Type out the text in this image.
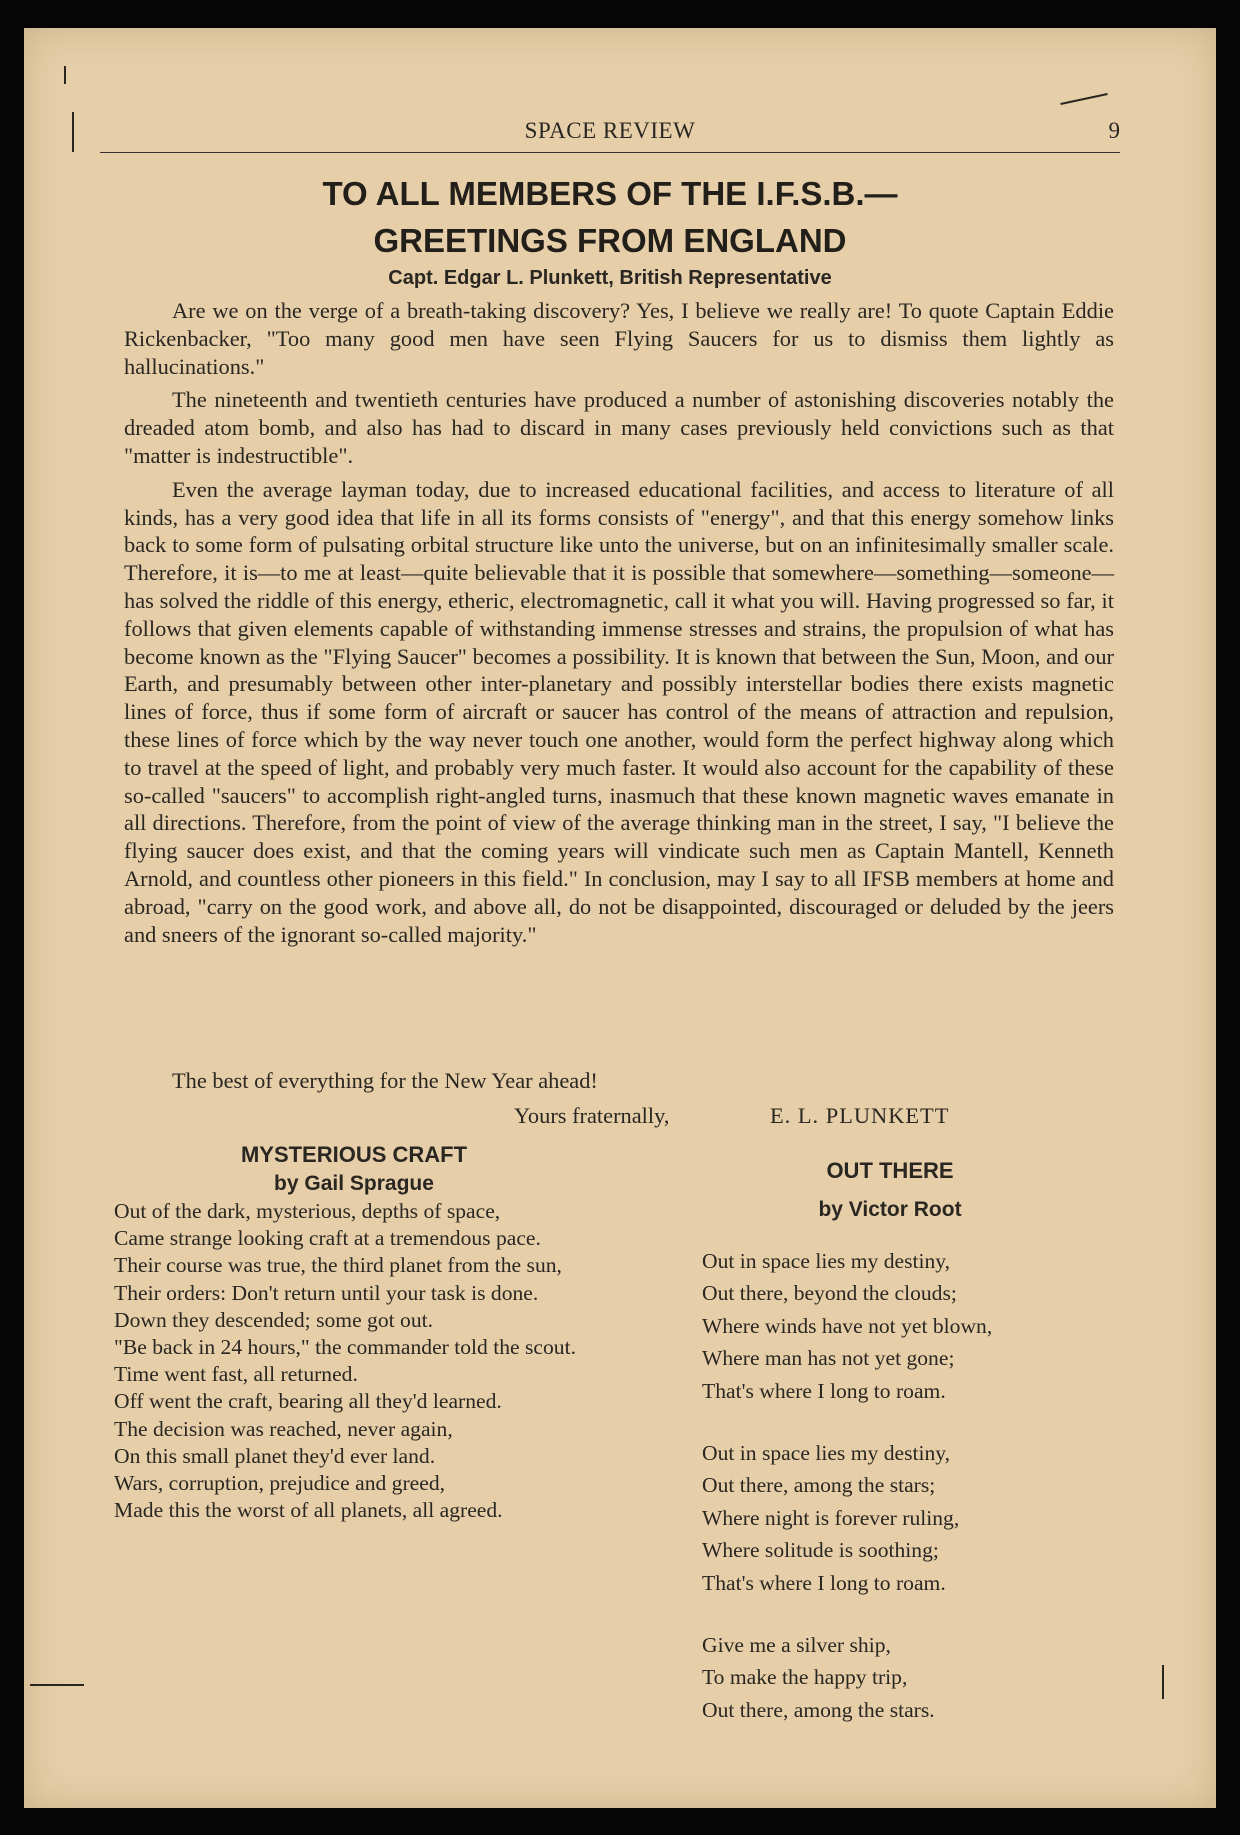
SPACE REVIEW	9
TO ALL MEMBERS OF THE I.F.S.B.—
GREETINGS FROM ENGLAND
Capt. Edgar L. Plunkett, British Representative

Are we on the verge of a breath-taking discovery? Yes, I believe we really are! To quote Captain Eddie Rickenbacker, "Too many good men have seen Flying Saucers for us to dismiss them lightly as hallucinations."

The nineteenth and twentieth centuries have produced a number of astonishing discoveries notably the dreaded atom bomb, and also has had to discard in many cases previously held convictions such as that "matter is indestructible".

Even the average layman today, due to increased educational facilities, and access to literature of all kinds, has a very good idea that life in all its forms consists of "energy", and that this energy somehow links back to some form of pulsating orbital structure like unto the universe, but on an infinitesimally smaller scale. Therefore, it is—to me at least—quite believable that it is possible that somewhere—something—someone—has solved the riddle of this energy, etheric, electromagnetic, call it what you will. Having progressed so far, it follows that given elements capable of withstanding immense stresses and strains, the propulsion of what has become known as the "Flying Saucer" becomes a possibility. It is known that between the Sun, Moon, and our Earth, and presumably between other inter-planetary and possibly interstellar bodies there exists magnetic lines of force, thus if some form of aircraft or saucer has control of the means of attraction and repulsion, these lines of force which by the way never touch one another, would form the perfect highway along which to travel at the speed of light, and probably very much faster. It would also account for the capability of these so-called "saucers" to accomplish right-angled turns, inasmuch that these known magnetic waves emanate in all directions. Therefore, from the point of view of the average thinking man in the street, I say, "I believe the flying saucer does exist, and that the coming years will vindicate such men as Captain Mantell, Kenneth Arnold, and countless other pioneers in this field." In conclusion, may I say to all IFSB members at home and abroad, "carry on the good work, and above all, do not be disappointed, discouraged or deluded by the jeers and sneers of the ignorant so-called majority."

The best of everything for the New Year ahead!
Yours fraternally,	E. L. PLUNKETT
MYSTERIOUS CRAFT
by Gail Sprague
Out of the dark, mysterious, depths of space,
Came strange looking craft at a tremendous pace.
Their course was true, the third planet from the sun,
Their orders: Don't return until your task is done.
Down they descended; some got out.
"Be back in 24 hours," the commander told the scout.
Time went fast, all returned.
Off went the craft, bearing all they'd learned.
The decision was reached, never again,
On this small planet they'd ever land.
Wars, corruption, prejudice and greed,
Made this the worst of all planets, all agreed.
OUT THERE
by Victor Root
Out in space lies my destiny,
Out there, beyond the clouds;
Where winds have not yet blown,
Where man has not yet gone;
That's where I long to roam.
Out in space lies my destiny,
Out there, among the stars;
Where night is forever ruling,
Where solitude is soothing;
That's where I long to roam.
Give me a silver ship,
To make the happy trip,
Out there, among the stars.
